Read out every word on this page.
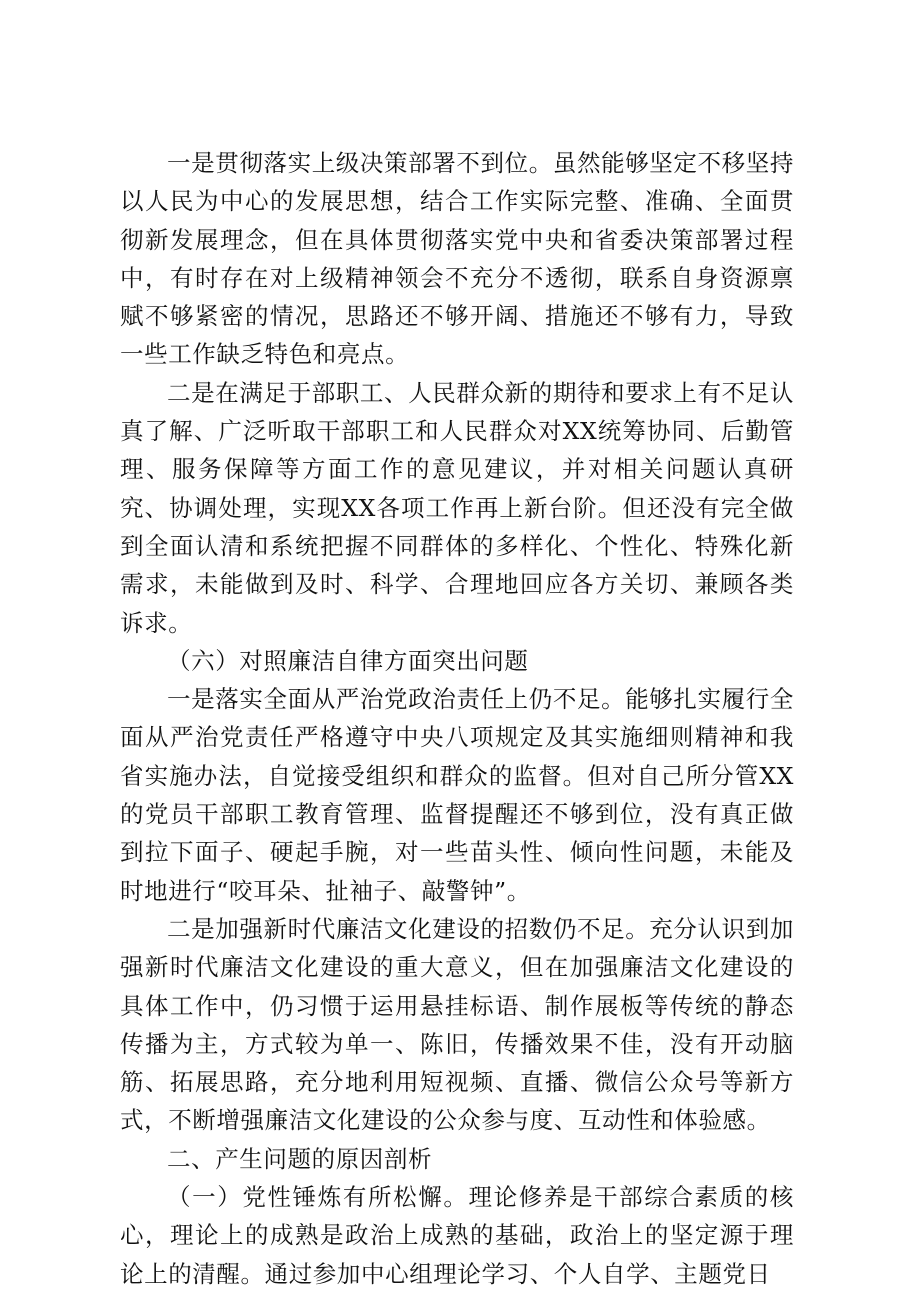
一是贯彻落实上级决策部署不到位。虽然能够坚定不移坚持以人民为中心的发展思想，结合工作实际完整、准确、全面贯彻新发展理念，但在具体贯彻落实党中央和省委决策部署过程中，有时存在对上级精神领会不充分不透彻，联系自身资源禀赋不够紧密的情况，思路还不够开阔、措施还不够有力，导致一些工作缺乏特色和亮点。

二是在满足于部职工、人民群众新的期待和要求上有不足认真了解、广泛听取干部职工和人民群众对XX统筹协同、后勤管理、服务保障等方面工作的意见建议，并对相关问题认真研究、协调处理，实现XX各项工作再上新台阶。但还没有完全做到全面认清和系统把握不同群体的多样化、个性化、特殊化新需求，未能做到及时、科学、合理地回应各方关切、兼顾各类诉求。

（六）对照廉洁自律方面突出问题

一是落实全面从严治党政治责任上仍不足。能够扎实履行全面从严治党责任严格遵守中央八项规定及其实施细则精神和我省实施办法，自觉接受组织和群众的监督。但对自己所分管XX的党员干部职工教育管理、监督提醒还不够到位，没有真正做到拉下面子、硬起手腕，对一些苗头性、倾向性问题，未能及时地进行“咬耳朵、扯袖子、敲警钟”。

二是加强新时代廉洁文化建设的招数仍不足。充分认识到加强新时代廉洁文化建设的重大意义，但在加强廉洁文化建设的具体工作中，仍习惯于运用悬挂标语、制作展板等传统的静态传播为主，方式较为单一、陈旧，传播效果不佳，没有开动脑筋、拓展思路，充分地利用短视频、直播、微信公众号等新方式，不断增强廉洁文化建设的公众参与度、互动性和体验感。

二、产生问题的原因剖析

（一）党性锤炼有所松懈。理论修养是干部综合素质的核心，理论上的成熟是政治上成熟的基础，政治上的坚定源于理论上的清醒。通过参加中心组理论学习、个人自学、主题党日
